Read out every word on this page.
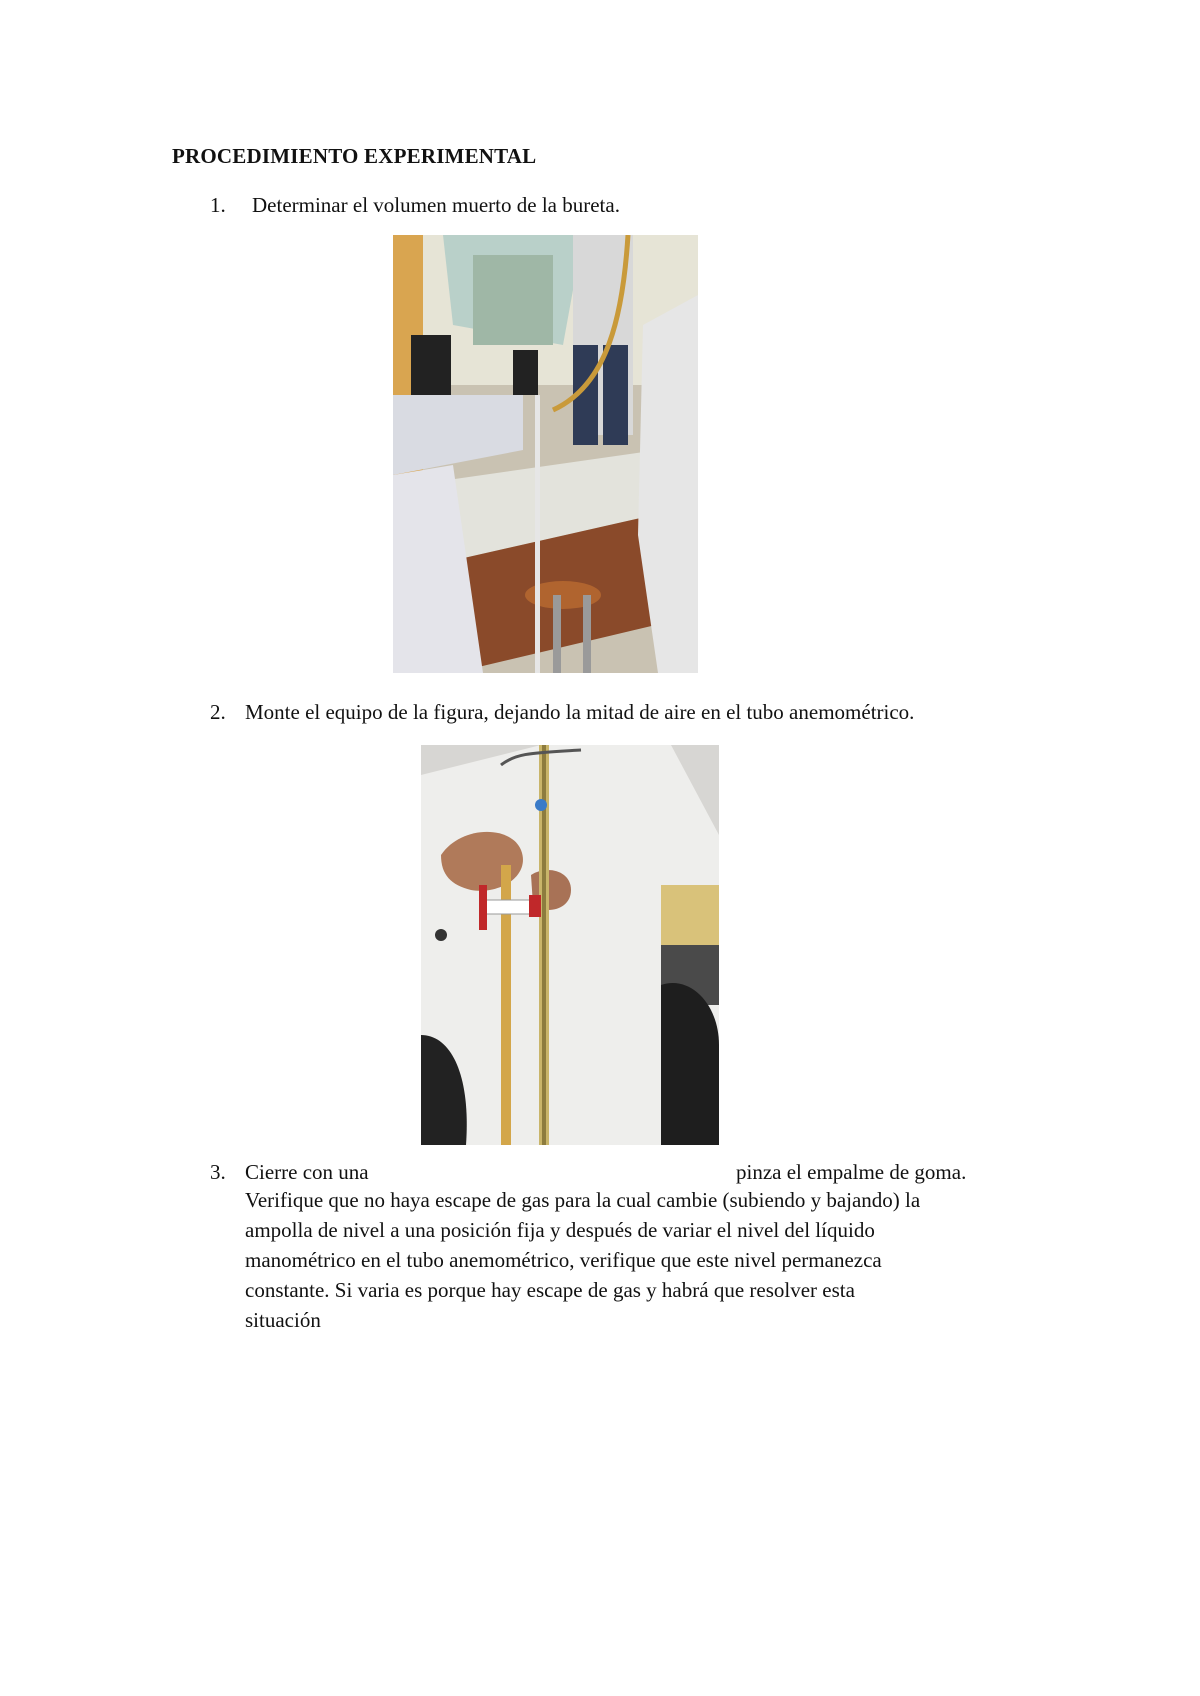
PROCEDIMIENTO EXPERIMENTAL
1. Determinar el volumen muerto de la bureta.
2. Monte el equipo de la figura, dejando la mitad de aire en el tubo anemométrico.
3. Cierre con una	pinza el empalme de goma.
Verifique que no haya escape de gas para la cual cambie (subiendo y bajando) la
ampolla de nivel a una posición fija y después de variar el nivel del líquido
manométrico en el tubo anemométrico, verifique que este nivel permanezca
constante. Si varia es porque hay escape de gas y habrá que resolver esta
situación
